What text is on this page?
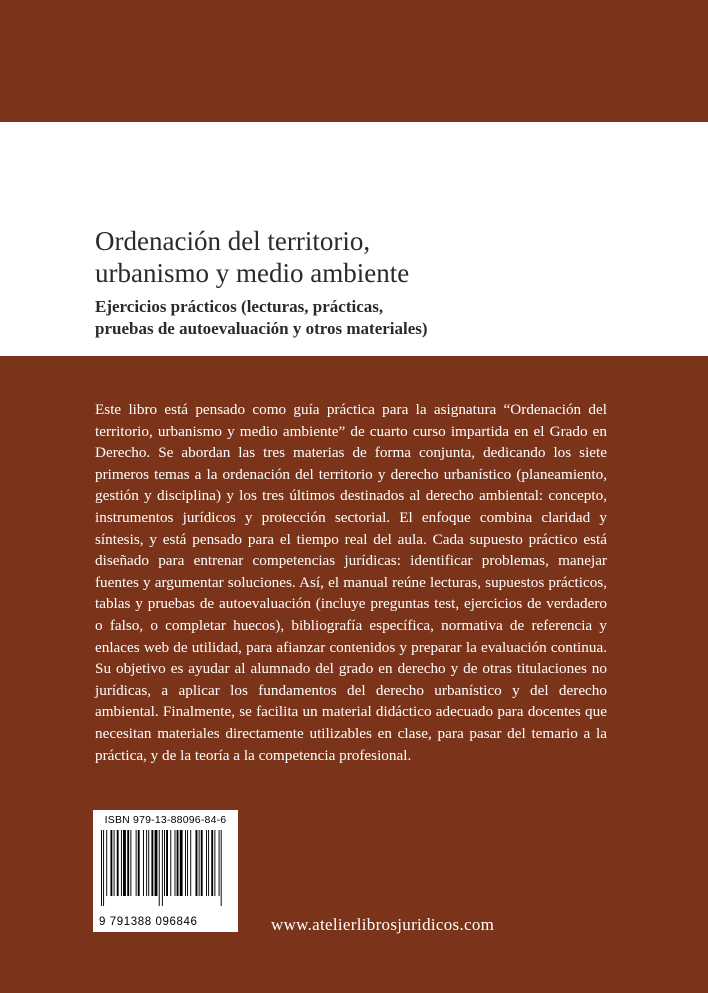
Ordenación del territorio,
urbanismo y medio ambiente
Ejercicios prácticos (lecturas, prácticas,
pruebas de autoevaluación y otros materiales)

Este libro está pensado como guía práctica para la asignatura “Ordenación del territorio, urbanismo y medio ambiente” de cuarto curso impartida en el Grado en Derecho. Se abordan las tres materias de forma conjunta, dedicando los siete primeros temas a la ordenación del territorio y derecho urbanístico (planeamiento, gestión y disciplina) y los tres últimos destinados al derecho ambiental: concepto, instrumentos jurídicos y protección sectorial. El enfoque combina claridad y síntesis, y está pensado para el tiempo real del aula. Cada supuesto práctico está diseñado para entrenar competencias jurídicas: identificar problemas, manejar fuentes y argumentar soluciones. Así, el manual reúne lecturas, supuestos prácticos, tablas y pruebas de autoevaluación (incluye preguntas test, ejercicios de verdadero o falso, o completar huecos), bibliografía específica, normativa de referencia y enlaces web de utilidad, para afianzar contenidos y preparar la evaluación continua. Su objetivo es ayudar al alumnado del grado en derecho y de otras titulaciones no jurídicas, a aplicar los fundamentos del derecho urbanístico y del derecho ambiental. Finalmente, se facilita un material didáctico adecuado para docentes que necesitan materiales directamente utilizables en clase, para pasar del temario a la práctica, y de la teoría a la competencia profesional.

ISBN 979-13-88096-84-6
9 791388 096846	www.atelierlibrosjuridicos.com
